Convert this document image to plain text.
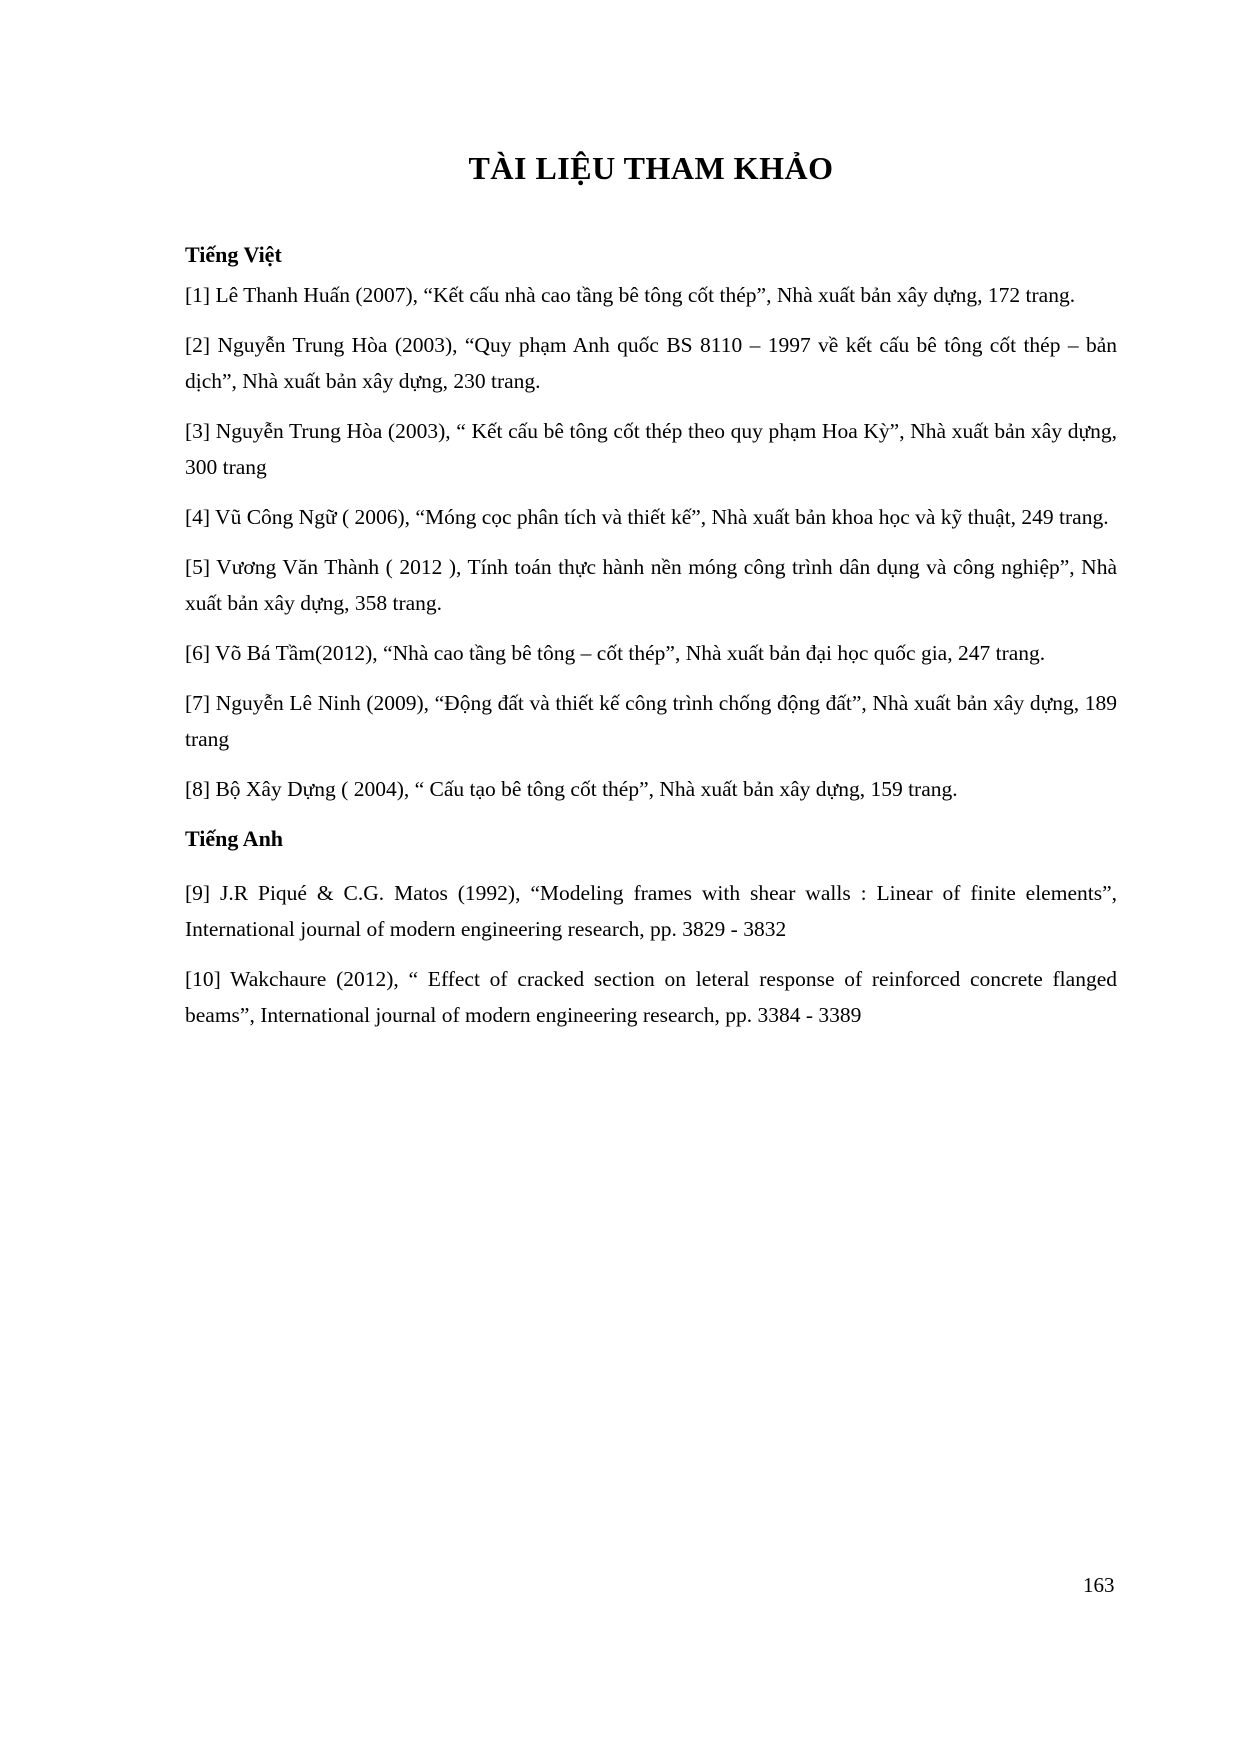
TÀI LIỆU THAM KHẢO
Tiếng Việt

[1] Lê Thanh Huấn (2007), “Kết cấu nhà cao tầng bê tông cốt thép”, Nhà xuất bản xây dựng, 172 trang.

[2] Nguyễn Trung Hòa (2003), “Quy phạm Anh quốc BS 8110 – 1997 về kết cấu bê tông cốt thép – bản dịch”, Nhà xuất bản xây dựng, 230 trang.

[3] Nguyễn Trung Hòa (2003), “ Kết cấu bê tông cốt thép theo quy phạm Hoa Kỳ”, Nhà xuất bản xây dựng, 300 trang

[4] Vũ Công Ngữ ( 2006), “Móng cọc phân tích và thiết kế”, Nhà xuất bản khoa học và kỹ thuật, 249 trang.

[5] Vương Văn Thành ( 2012 ), Tính toán thực hành nền móng công trình dân dụng và công nghiệp”, Nhà xuất bản xây dựng, 358 trang.

[6] Võ Bá Tầm(2012), “Nhà cao tầng bê tông – cốt thép”, Nhà xuất bản đại học quốc gia, 247 trang.

[7] Nguyễn Lê Ninh (2009), “Động đất và thiết kế công trình chống động đất”, Nhà xuất bản xây dựng, 189 trang

[8] Bộ Xây Dựng ( 2004), “ Cấu tạo bê tông cốt thép”, Nhà xuất bản xây dựng, 159 trang.

Tiếng Anh

[9] J.R Piqué & C.G. Matos (1992), “Modeling frames with shear walls : Linear of finite elements”, International journal of modern engineering research, pp. 3829 - 3832

[10] Wakchaure (2012), “ Effect of cracked section on leteral response of reinforced concrete flanged beams”, International journal of modern engineering research, pp. 3384 - 3389

163
